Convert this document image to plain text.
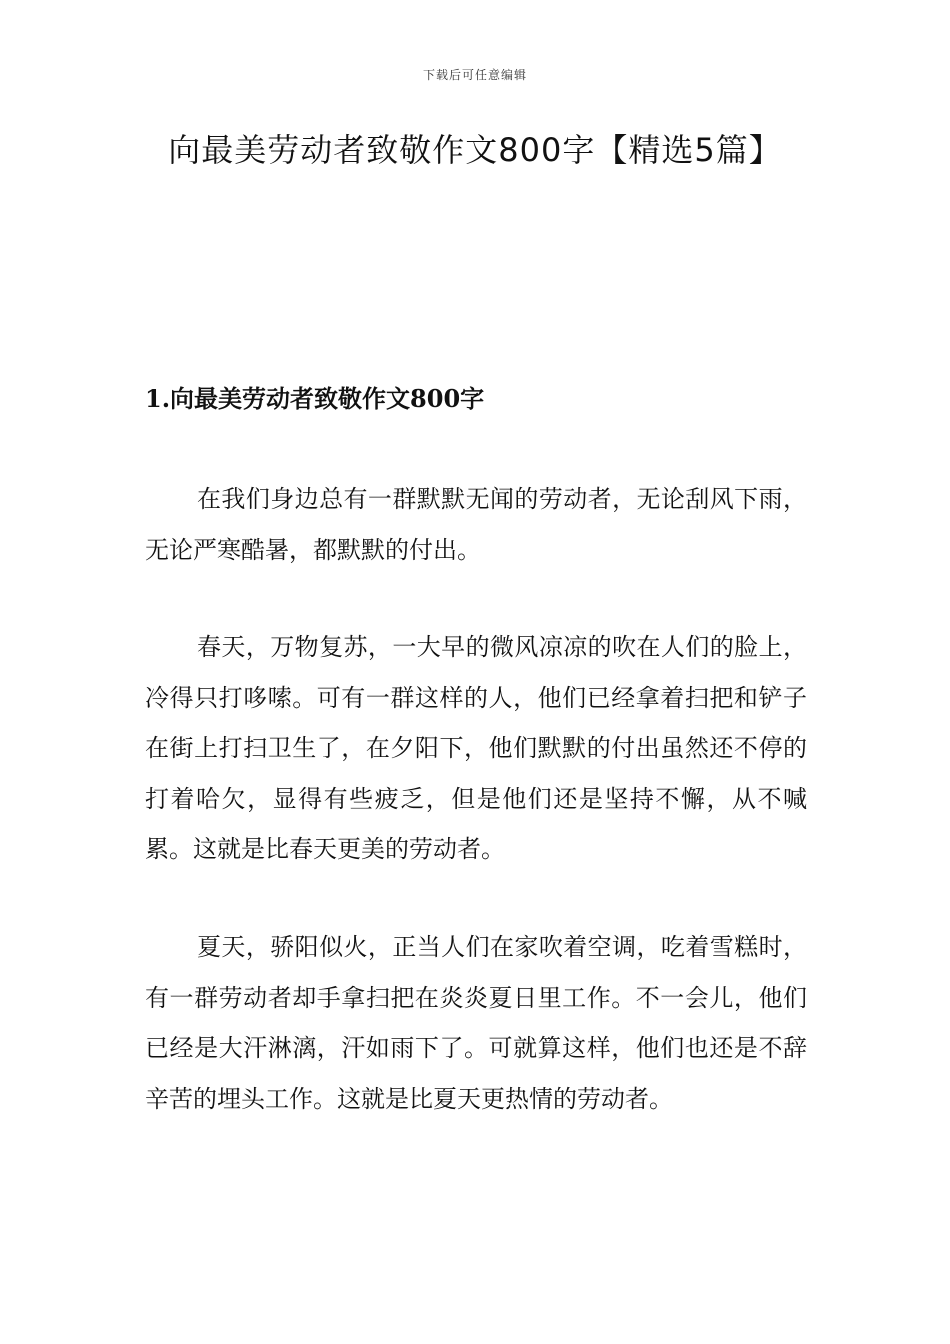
下载后可任意编辑
向最美劳动者致敬作文800字【精选5篇】
1.向最美劳动者致敬作文800字

在我们身边总有一群默默无闻的劳动者，无论刮风下雨，无论严寒酷暑，都默默的付出。

春天，万物复苏，一大早的微风凉凉的吹在人们的脸上，冷得只打哆嗦。可有一群这样的人，他们已经拿着扫把和铲子在街上打扫卫生了，在夕阳下，他们默默的付出虽然还不停的打着哈欠，显得有些疲乏，但是他们还是坚持不懈，从不喊累。这就是比春天更美的劳动者。

夏天，骄阳似火，正当人们在家吹着空调，吃着雪糕时，有一群劳动者却手拿扫把在炎炎夏日里工作。不一会儿，他们已经是大汗淋漓，汗如雨下了。可就算这样，他们也还是不辞辛苦的埋头工作。这就是比夏天更热情的劳动者。
